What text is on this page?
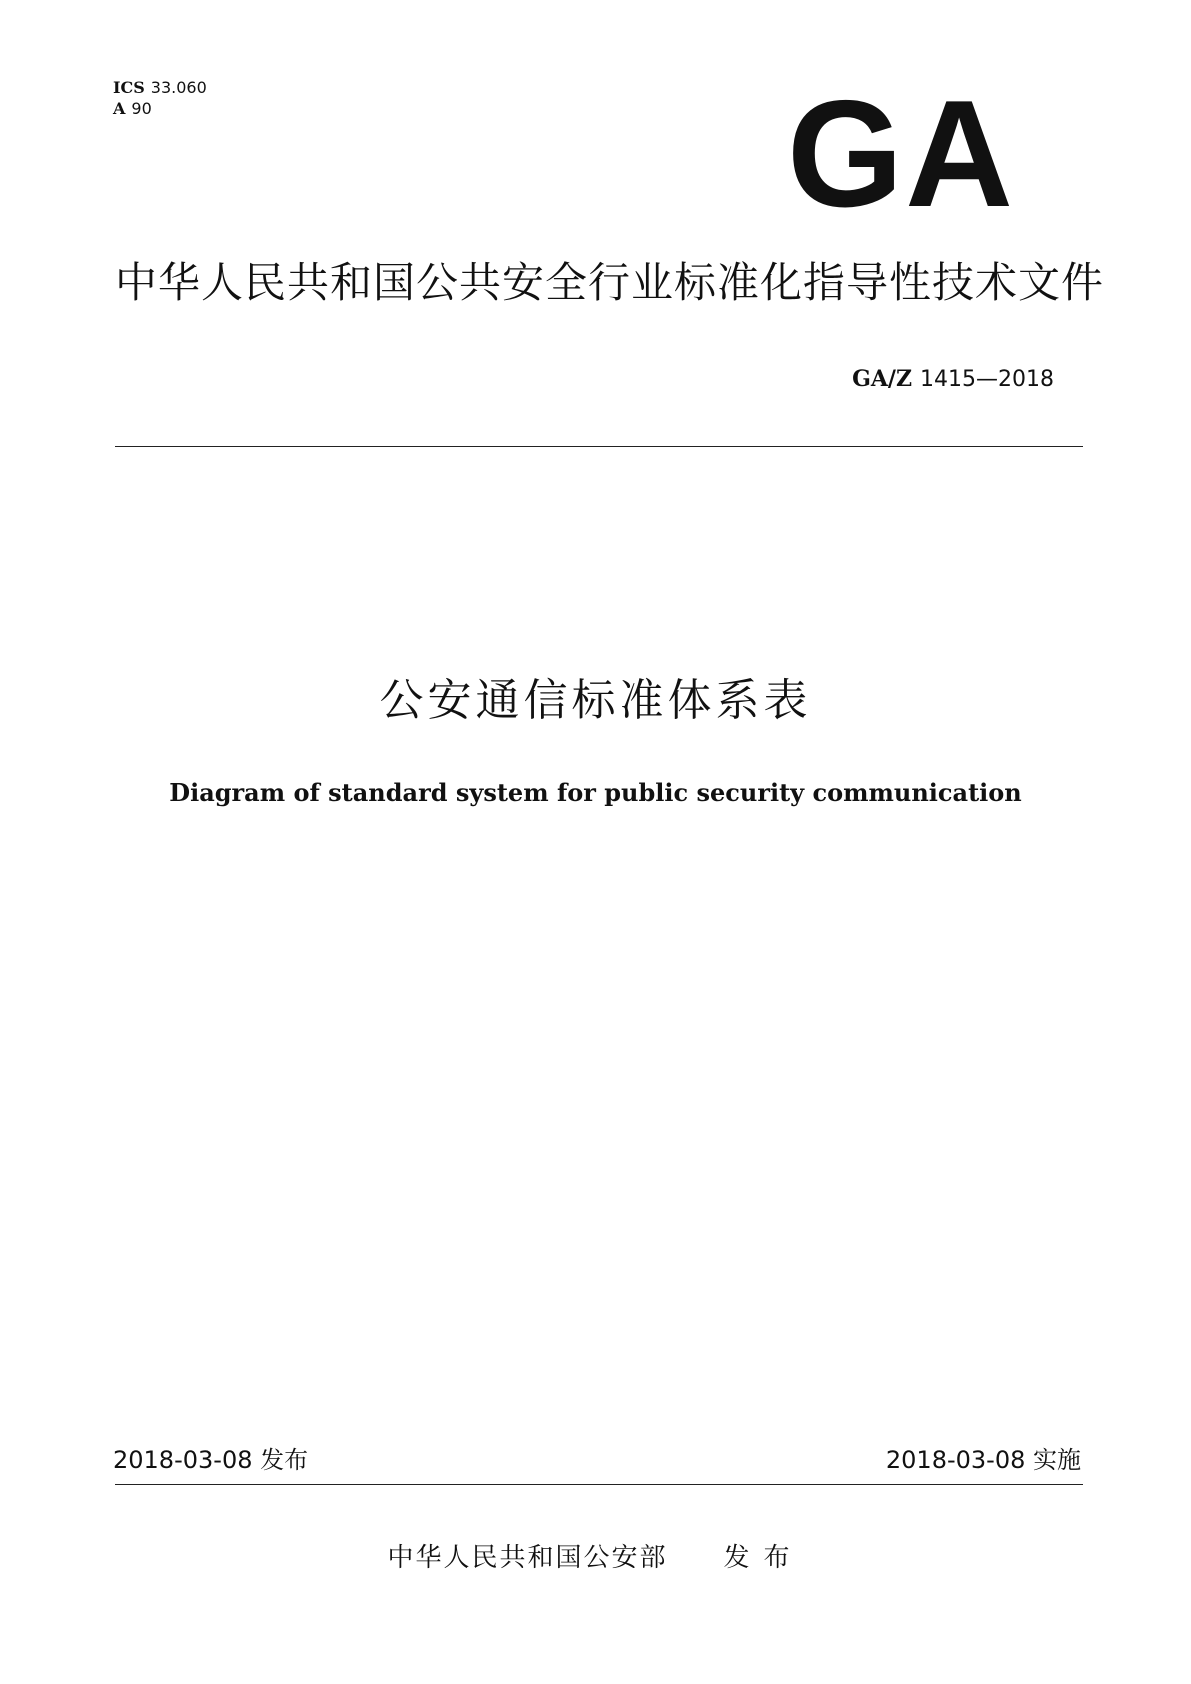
ICS 33.060
A 90	GA
中华人民共和国公共安全行业标准化指导性技术文件
GA/Z 1415—2018
公安通信标准体系表
Diagram of standard system for public security communication
2018-03-08 发布	2018-03-08 实施
中华人民共和国公安部 发布
